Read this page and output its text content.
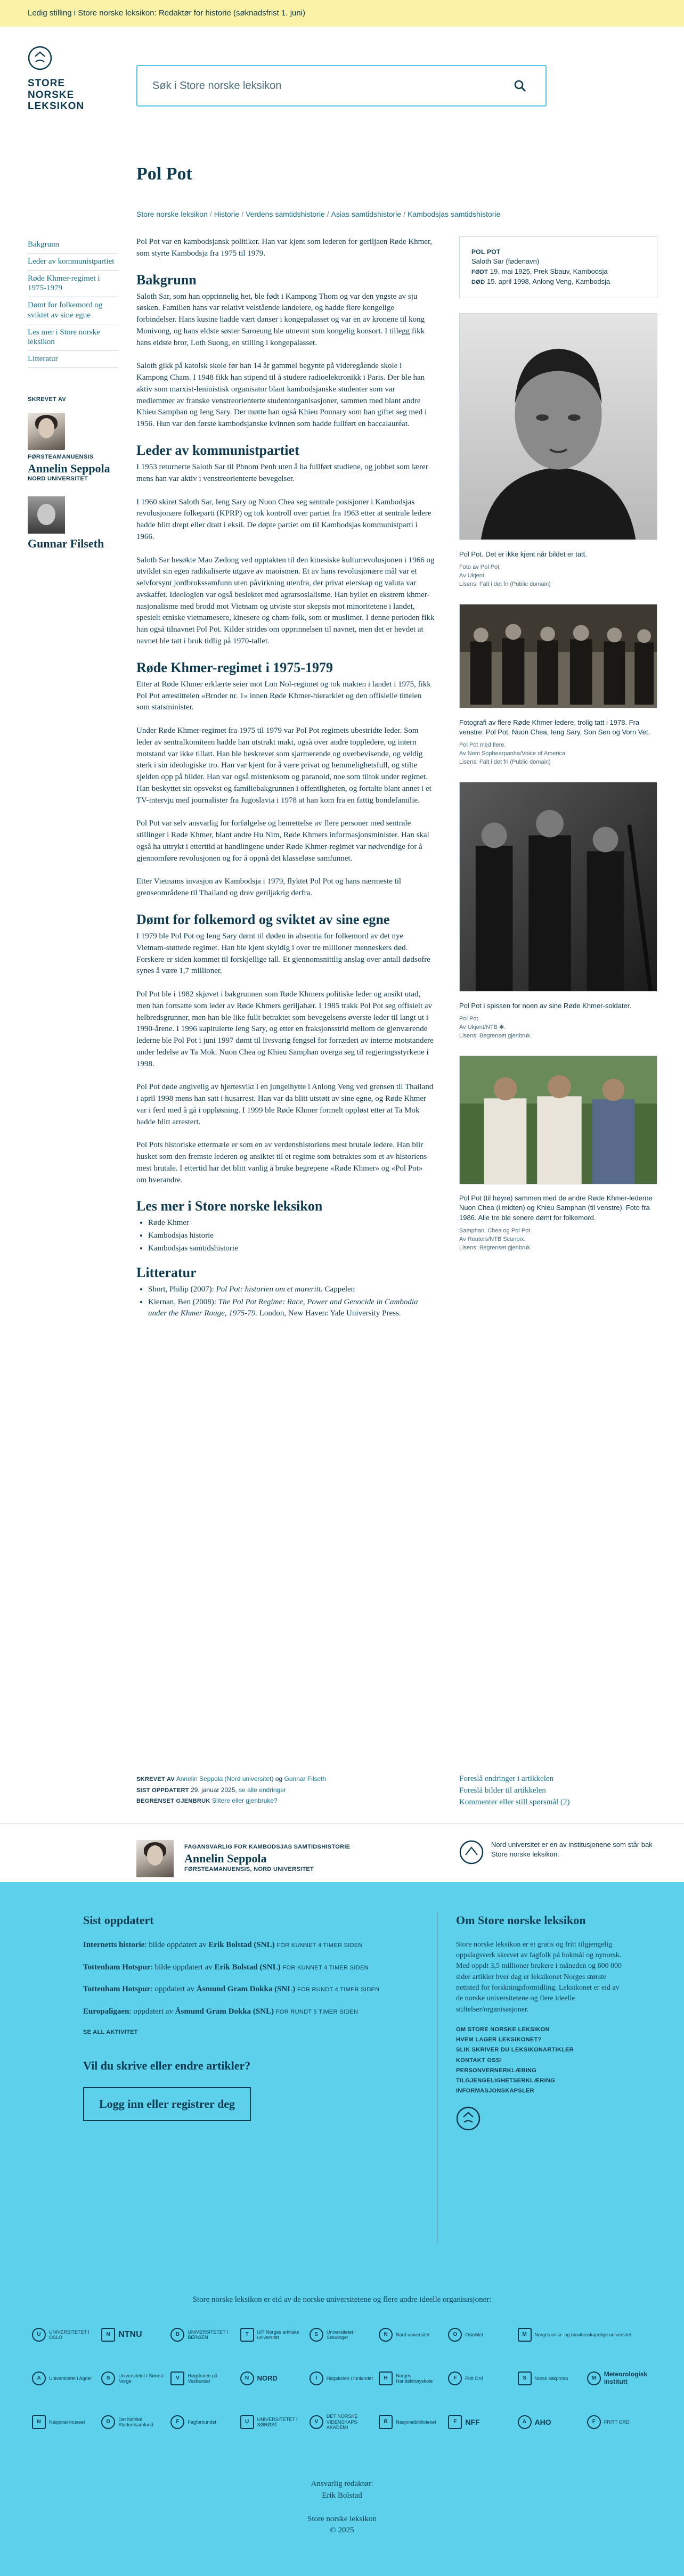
Ledig stilling i Store norske leksikon: Redaktør for historie (søknadsfrist 1. juni)
STORE
NORSKE
LEKSIKON
Søk i Store norske leksikon
Pol Pot
Store norske leksikon / Historie / Verdens samtidshistorie / Asias samtidshistorie / Kambodsjas samtidshistorie
Bakgrunn
Leder av kommunistpartiet
Røde Khmer-regimet i 1975-1979
Dømt for folkemord og sviktet av sine egne
Les mer i Store norske leksikon
Litteratur
SKREVET AV
FØRSTEAMANUENSIS
Annelin Seppola
NORD UNIVERSITET
Gunnar Filseth

Pol Pot var en kambodsjansk politiker. Han var kjent som lederen for geriljaen Røde Khmer, som styrte Kambodsja fra 1975 til 1979.

Bakgrunn

Saloth Sar, som han opprinnelig het, ble født i Kampong Thom og var den yngste av sju søsken. Familien hans var relativt velstående landeiere, og hadde flere kongelige forbindelser. Hans kusine hadde vært danser i kongepalasset og var en av kronene til kong Monivong, og hans eldste søster Saroeung ble utnevnt som kongelig konsort. I tillegg fikk hans eldste bror, Loth Suong, en stilling i kongepalasset.

Saloth gikk på katolsk skole før han 14 år gammel begynte på videregående skole i Kampong Cham. I 1948 fikk han stipend til å studere radioelektronikk i Paris. Der ble han aktiv som marxist-leninistisk organisator blant kambodsjanske studenter som var medlemmer av franske venstreorienterte studentorganisasjoner, sammen med blant andre Khieu Samphan og Ieng Sary. Der møtte han også Khieu Ponnary som han giftet seg med i 1956. Hun var den første kambodsjanske kvinnen som hadde fullført en baccalauréat.

Leder av kommunistpartiet

I 1953 returnerte Saloth Sar til Phnom Penh uten å ha fullført studiene, og jobbet som lærer mens han var aktiv i venstreorienterte bevegelser.

I 1960 skiret Saloth Sar, Ieng Sary og Nuon Chea seg sentrale posisjoner i Kambodsjas revolusjonære folkeparti (KPRP) og tok kontroll over partiet fra 1963 etter at sentrale ledere hadde blitt drept eller dratt i eksil. De døpte partiet om til Kambodsjas kommunistparti i 1966.

Saloth Sar besøkte Mao Zedong ved opptakten til den kinesiske kulturrevolusjonen i 1966 og utviklet sin egen radikaliserte utgave av maoismen. Et av hans revolusjonære mål var et selvforsynt jordbrukssamfunn uten påvirkning utenfra, der privat eierskap og valuta var avskaffet. Ideologien var også beslektet med agrarsosialisme. Han byllet en ekstrem khmer-nasjonalisme med brodd mot Vietnam og utviste stor skepsis mot minoritetene i landet, spesielt etniske vietnamesere, kinesere og cham-folk, som er muslimer. I denne perioden fikk han også tilnavnet Pol Pot. Kilder strides om opprinnelsen til navnet, men det er hevdet at navnet ble tatt i bruk tidlig på 1970-tallet.

Røde Khmer-regimet i 1975-1979

Etter at Røde Khmer erklærte seier mot Lon Nol-regimet og tok makten i landet i 1975, fikk Pol Pot arrestittelen «Broder nr. 1» innen Røde Khmer-hierarkiet og den offisielle tittelen som statsminister.

Under Røde Khmer-regimet fra 1975 til 1979 var Pol Pot regimets ubestridte leder. Som leder av sentralkomiteen hadde han utstrakt makt, også over andre toppledere, og intern motstand var ikke tillatt. Han ble beskrevet som sjarmerende og overbevisende, og veldig sterk i sin ideologiske tro. Han var kjent for å være privat og hemmelighetsfull, og stilte sjelden opp på bilder. Han var også mistenksom og paranoid, noe som tiltok under regimet. Han beskyttet sin opsvekst og familiebakgrunnen i offentligheten, og fortalte blant annet i et TV-intervju med journalister fra Jugoslavia i 1978 at han kom fra en fattig bondefamilie.

Pol Pot var selv ansvarlig for forfølgelse og henrettelse av flere personer med sentrale stillinger i Røde Khmer, blant andre Hu Nim, Røde Khmers informasjonsminister. Han skal også ha uttrykt i etterttid at handlingene under Røde Khmer-regimet var nødvendige for å gjennomføre revolusjonen og for å oppnå det klasseløse samfunnet.

Etter Vietnams invasjon av Kambodsja i 1979, flyktet Pol Pot og hans nærmeste til grenseområdene til Thailand og drev geriljakrig derfra.

Dømt for folkemord og sviktet av sine egne

I 1979 ble Pol Pot og Ieng Sary dømt til døden in absentia for folkemord av det nye Vietnam-støttede regimet. Han ble kjent skyldig i over tre millioner menneskers død. Forskere er siden kommet til forskjellige tall. Et gjennomsnittlig anslag over antall dødsofre synes å være 1,7 millioner.

Pol Pot ble i 1982 skjøvet i bakgrunnen som Røde Khmers politiske leder og ansikt utad, men han fortsatte som leder av Røde Khmers geriljahær. I 1985 trakk Pol Pot seg offisielt av helbredsgrunner, men han ble like fullt betraktet som bevegelsens øverste leder til langt ut i 1990-årene. I 1996 kapitulerte Ieng Sary, og etter en fraksjonsstrid mellom de gjenværende lederne ble Pol Pot i juni 1997 dømt til livsvarig fengsel for forræderi av interne motstandere under ledelse av Ta Mok. Nuon Chea og Khieu Samphan overga seg til regjeringsstyrkene i 1998.

Pol Pot døde angivelig av hjertesvikt i en jungelhytte i Anlong Veng ved grensen til Thailand i april 1998 mens han satt i husarrest. Han var da blitt utstøtt av sine egne, og Røde Khmer var i ferd med å gå i oppløsning. I 1999 ble Røde Khmer formelt oppløst etter at Ta Mok hadde blitt arrestert.

Pol Pots historiske ettermæle er som en av verdenshistoriens mest brutale ledere. Han blir husket som den fremste lederen og ansiktet til et regime som betraktes som et av historiens mest brutale. I ettertid har det blitt vanlig å bruke begrepene «Røde Khmer» og «Pol Pot» om hverandre.

Les mer i Store norske leksikon
• Røde Khmer
• Kambodsjas historie
• Kambodsjas samtidshistorie
Litteratur
• Short, Philip (2007): Pol Pot: historien om et mareritt. Cappelen
• Kiernan, Ben (2008): The Pol Pot Regime: Race, Power and Genocide in Cambodia under the Khmer Rouge, 1975-79. London, New Haven: Yale University Press.
POL POT
Saloth Sar (fødenavn)
FØDT 19. mai 1925, Prek Sbauv, Kambodsja
DØD 15. april 1998, Anlong Veng, Kambodsja
Pol Pot. Det er ikke kjent når bildet er tatt.
Foto av Pol Pot
Av Ukjent.
Lisens: Falt i det fri (Public domain)
Fotografi av flere Røde Khmer-ledere, trolig tatt i 1978. Fra venstre: Pol Pot, Nuon Chea, Ieng Sary, Son Sen og Vorn Vet.
Pol Pot med flere.
Av Nem Sophearpanha/Voice of America.
Lisens: Falt i det fri (Public domain)
Pol Pot i spissen for noen av sine Røde Khmer-soldater.
Pol Pot.
Av Ukjent/NTB ✱.
Lisens: Begrenset gjenbruk
Pol Pot (til høyre) sammen med de andre Røde Khmer-lederne Nuon Chea (i midten) og Khieu Samphan (til venstre). Foto fra 1986. Alle tre ble senere dømt for folkemord.
Samphan, Chea og Pol Pot
Av Reuters/NTB Scanpix.
Lisens: Begrenset gjenbruk
SKREVET AV Annelin Seppola (Nord universitet) og Gunnar Filseth
SIST OPPDATERT 29. januar 2025, se alle endringer
BEGRENSET GJENBRUK Slitere eller gjenbruke?
Foreslå endringer i artikkelen
Foreslå bilder til artikkelen
Kommenter eller still spørsmål (2)
FAGANSVARLIG FOR KAMBODSJAS SAMTIDSHISTORIE
Annelin Seppola
FØRSTEAMANUENSIS, NORD UNIVERSITET

Nord universitet er en av institusjonene som står bak Store norske leksikon.

Sist oppdatert
Internetts historie: bilde oppdatert av Erik Bolstad (SNL) FOR KUNNET 4 TIMER SIDEN
Tottenham Hotspur: bilde oppdatert av Erik Bolstad (SNL) FOR KUNNET 4 TIMER SIDEN
Tottenham Hotspur: oppdatert av Åsmund Gram Dokka (SNL) FOR RUNDT 4 TIMER SIDEN
Europaligaen: oppdatert av Åsmund Gram Dokka (SNL) FOR RUNDT 5 TIMER SIDEN
SE ALL AKTIVITET
Vil du skrive eller endre artikler?
Logg inn eller registrer deg
Om Store norske leksikon

Store norske leksikon er et gratis og fritt tilgjengelig oppslagsverk skrevet av fagfolk på bokmål og nynorsk. Med oppdt 3,5 millioner brukere i måneden og 600 000 sider artikler hver dag er leksikonet Norges største nettsted for forskningsformidling. Leksikonet er eid av de norske universitetene og flere ideelle stiftelser/organisasjoner.

OM STORE NORSKE LEKSIKON
HVEM LAGER LEKSIKONET?
SLIK SKRIVER DU LEKSIKONARTIKLER
KONTAKT OSS!
PERSONVERNERKLÆRING
TILGJENGELIGHETSERKLÆRING
INFORMASJONSKAPSLER
Store norske leksikon er eid av de norske universitetene og flere andre ideelle organisasjoner:
U	UNIVERSITETET I OSLO	N NTNU	B	UNIVERSITETET I BERGEN	T	UiT Norges arktiske universitet	S	Universitetet i Stavanger	N	Nord universitet	O	OsloMet	M	Norges miljø- og biovitenskapelige universitet
A	Universitetet i Agder	S	Universitetet i Sørøst-Norge	V	Høgskulen på Vestlandet	N	NORD	I	Høgskolen i Innlandet	H	Norges Handelshøyskole	F	Fritt Ord	S	Norsk sakprosa	M
Meteorologisk institutt
N	Nasjonal-museet	D	Det Norske Studentsamfund	F	Fagforbundet	U	UNIVERSITETET I SØRØST	V
DET NORSKE VIDENSKAPS-AKADEMI
B	Nasjonalbiblioteket	F	NFF	A	AHO	F	FRITT ORD
Ansvarlig redaktør:
Erik Bolstad
Store norske leksikon
© 2025
